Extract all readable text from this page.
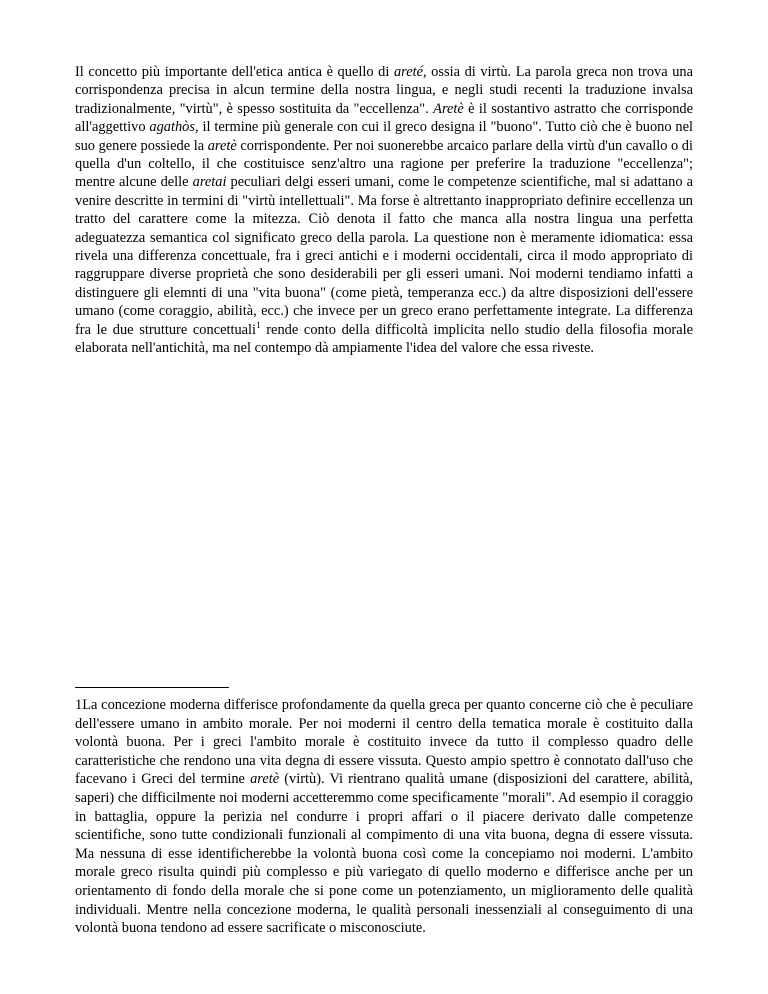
Il concetto più importante dell'etica antica è quello di areté, ossia di virtù. La parola greca non trova una corrispondenza precisa in alcun termine della nostra lingua, e negli studi recenti la traduzione invalsa tradizionalmente, "virtù", è spesso sostituita da "eccellenza". Aretè è il sostantivo astratto che corrisponde all'aggettivo agathòs, il termine più generale con cui il greco designa il "buono". Tutto ciò che è buono nel suo genere possiede la aretè corrispondente. Per noi suonerebbe arcaico parlare della virtù d'un cavallo o di quella d'un coltello, il che costituisce senz'altro una ragione per preferire la traduzione "eccellenza"; mentre alcune delle aretai peculiari delgi esseri umani, come le competenze scientifiche, mal si adattano a venire descritte in termini di "virtù intellettuali". Ma forse è altrettanto inappropriato definire eccellenza un tratto del carattere come la mitezza. Ciò denota il fatto che manca alla nostra lingua una perfetta adeguatezza semantica col significato greco della parola. La questione non è meramente idiomatica: essa rivela una differenza concettuale, fra i greci antichi e i moderni occidentali, circa il modo appropriato di raggruppare diverse proprietà che sono desiderabili per gli esseri umani. Noi moderni tendiamo infatti a distinguere gli elemnti di una "vita buona" (come pietà, temperanza ecc.) da altre disposizioni dell'essere umano (come coraggio, abilità, ecc.) che invece per un greco erano perfettamente integrate. La differenza fra le due strutture concettuali$^1$ rende conto della difficoltà implicita nello studio della filosofia morale elaborata nell'antichità, ma nel contempo dà ampiamente l'idea del valore che essa riveste.

1La concezione moderna differisce profondamente da quella greca per quanto concerne ciò che è peculiare dell'essere umano in ambito morale. Per noi moderni il centro della tematica morale è costituito dalla volontà buona. Per i greci l'ambito morale è costituito invece da tutto il complesso quadro delle caratteristiche che rendono una vita degna di essere vissuta. Questo ampio spettro è connotato dall'uso che facevano i Greci del termine aretè (virtù). Vi rientrano qualità umane (disposizioni del carattere, abilità, saperi) che difficilmente noi moderni accetteremmo come specificamente "morali". Ad esempio il coraggio in battaglia, oppure la perizia nel condurre i propri affari o il piacere derivato dalle competenze scientifiche, sono tutte condizionali funzionali al compimento di una vita buona, degna di essere vissuta. Ma nessuna di esse identificherebbe la volontà buona così come la concepiamo noi moderni. L'ambito morale greco risulta quindi più complesso e più variegato di quello moderno e differisce anche per un orientamento di fondo della morale che si pone come un potenziamento, un miglioramento delle qualità individuali. Mentre nella concezione moderna, le qualità personali inessenziali al conseguimento di una volontà buona tendono ad essere sacrificate o misconosciute.
